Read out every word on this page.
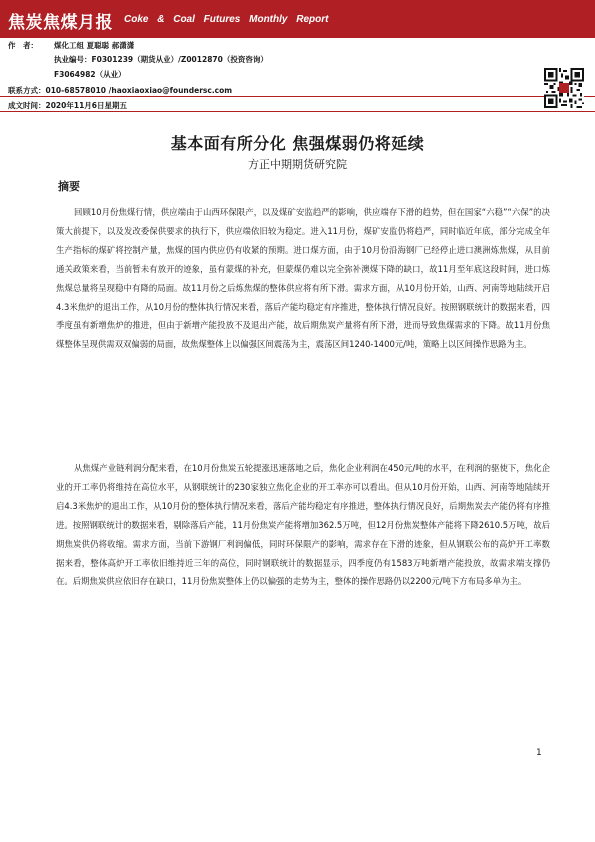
焦炭焦煤月报 Coke & Coal Futures Monthly Report
作　者： 煤化工组 夏聪聪 郝潇潇
执业编号：F0301239（期货从业）/Z0012870（投资咨询）
F3064982（从业）
联系方式：010-68578010 /haoxiaoxiao@foundersc.com
成文时间：2020年11月6日星期五
基本面有所分化 焦强煤弱仍将延续
方正中期期货研究院
摘要

回顾10月份焦煤行情，供应端由于山西环保限产，以及煤矿安监趋严的影响，供应端存下滑的趋势，但在国家“六稳”“六保”的决策大前提下，以及发改委保供要求的执行下，供应端依旧较为稳定。进入11月份，煤矿安监仍将趋严，同时临近年底，部分完成全年生产指标的煤矿将控制产量，焦煤的国内供应仍有收紧的预期。进口煤方面，由于10月份沿海钢厂已经停止进口澳洲炼焦煤，从目前通关政策来看，当前暂未有放开的迹象，虽有蒙煤的补充，但蒙煤仍难以完全弥补澳煤下降的缺口，故11月至年底这段时间，进口炼焦煤总量将呈现稳中有降的局面。故11月份之后炼焦煤的整体供应将有所下滑。需求方面，从10月份开始，山西、河南等地陆续开启4.3米焦炉的退出工作，从10月份的整体执行情况来看，落后产能均稳定有序推进，整体执行情况良好。按照钢联统计的数据来看，四季度虽有新增焦炉的推进，但由于新增产能投放不及退出产能，故后期焦炭产量将有所下滑，进而导致焦煤需求的下降。故11月份焦煤整体呈现供需双双偏弱的局面，故焦煤整体上以偏强区间震荡为主，震荡区间1240-1400元/吨，策略上以区间操作思路为主。

从焦煤产业链利润分配来看，在10月份焦炭五轮提涨迅速落地之后，焦化企业利润在450元/吨的水平，在利润的驱使下，焦化企业的开工率仍将维持在高位水平，从钢联统计的230家独立焦化企业的开工率亦可以看出。但从10月份开始，山西、河南等地陆续开启4.3米焦炉的退出工作，从10月份的整体执行情况来看，落后产能均稳定有序推进，整体执行情况良好，后期焦炭去产能仍将有序推进。按照钢联统计的数据来看，剔除落后产能，11月份焦炭产能将增加362.5万吨，但12月份焦炭整体产能将下降2610.5万吨，故后期焦炭供仍将收缩。需求方面，当前下游钢厂利润偏低，同时环保限产的影响，需求存在下滑的迹象，但从钢联公布的高炉开工率数据来看，整体高炉开工率依旧维持近三年的高位，同时钢联统计的数据显示，四季度仍有1583万吨新增产能投放，故需求端支撑仍在。后期焦炭供应依旧存在缺口，11月份焦炭整体上仍以偏强的走势为主，整体的操作思路仍以2200元/吨下方布局多单为主。

1
